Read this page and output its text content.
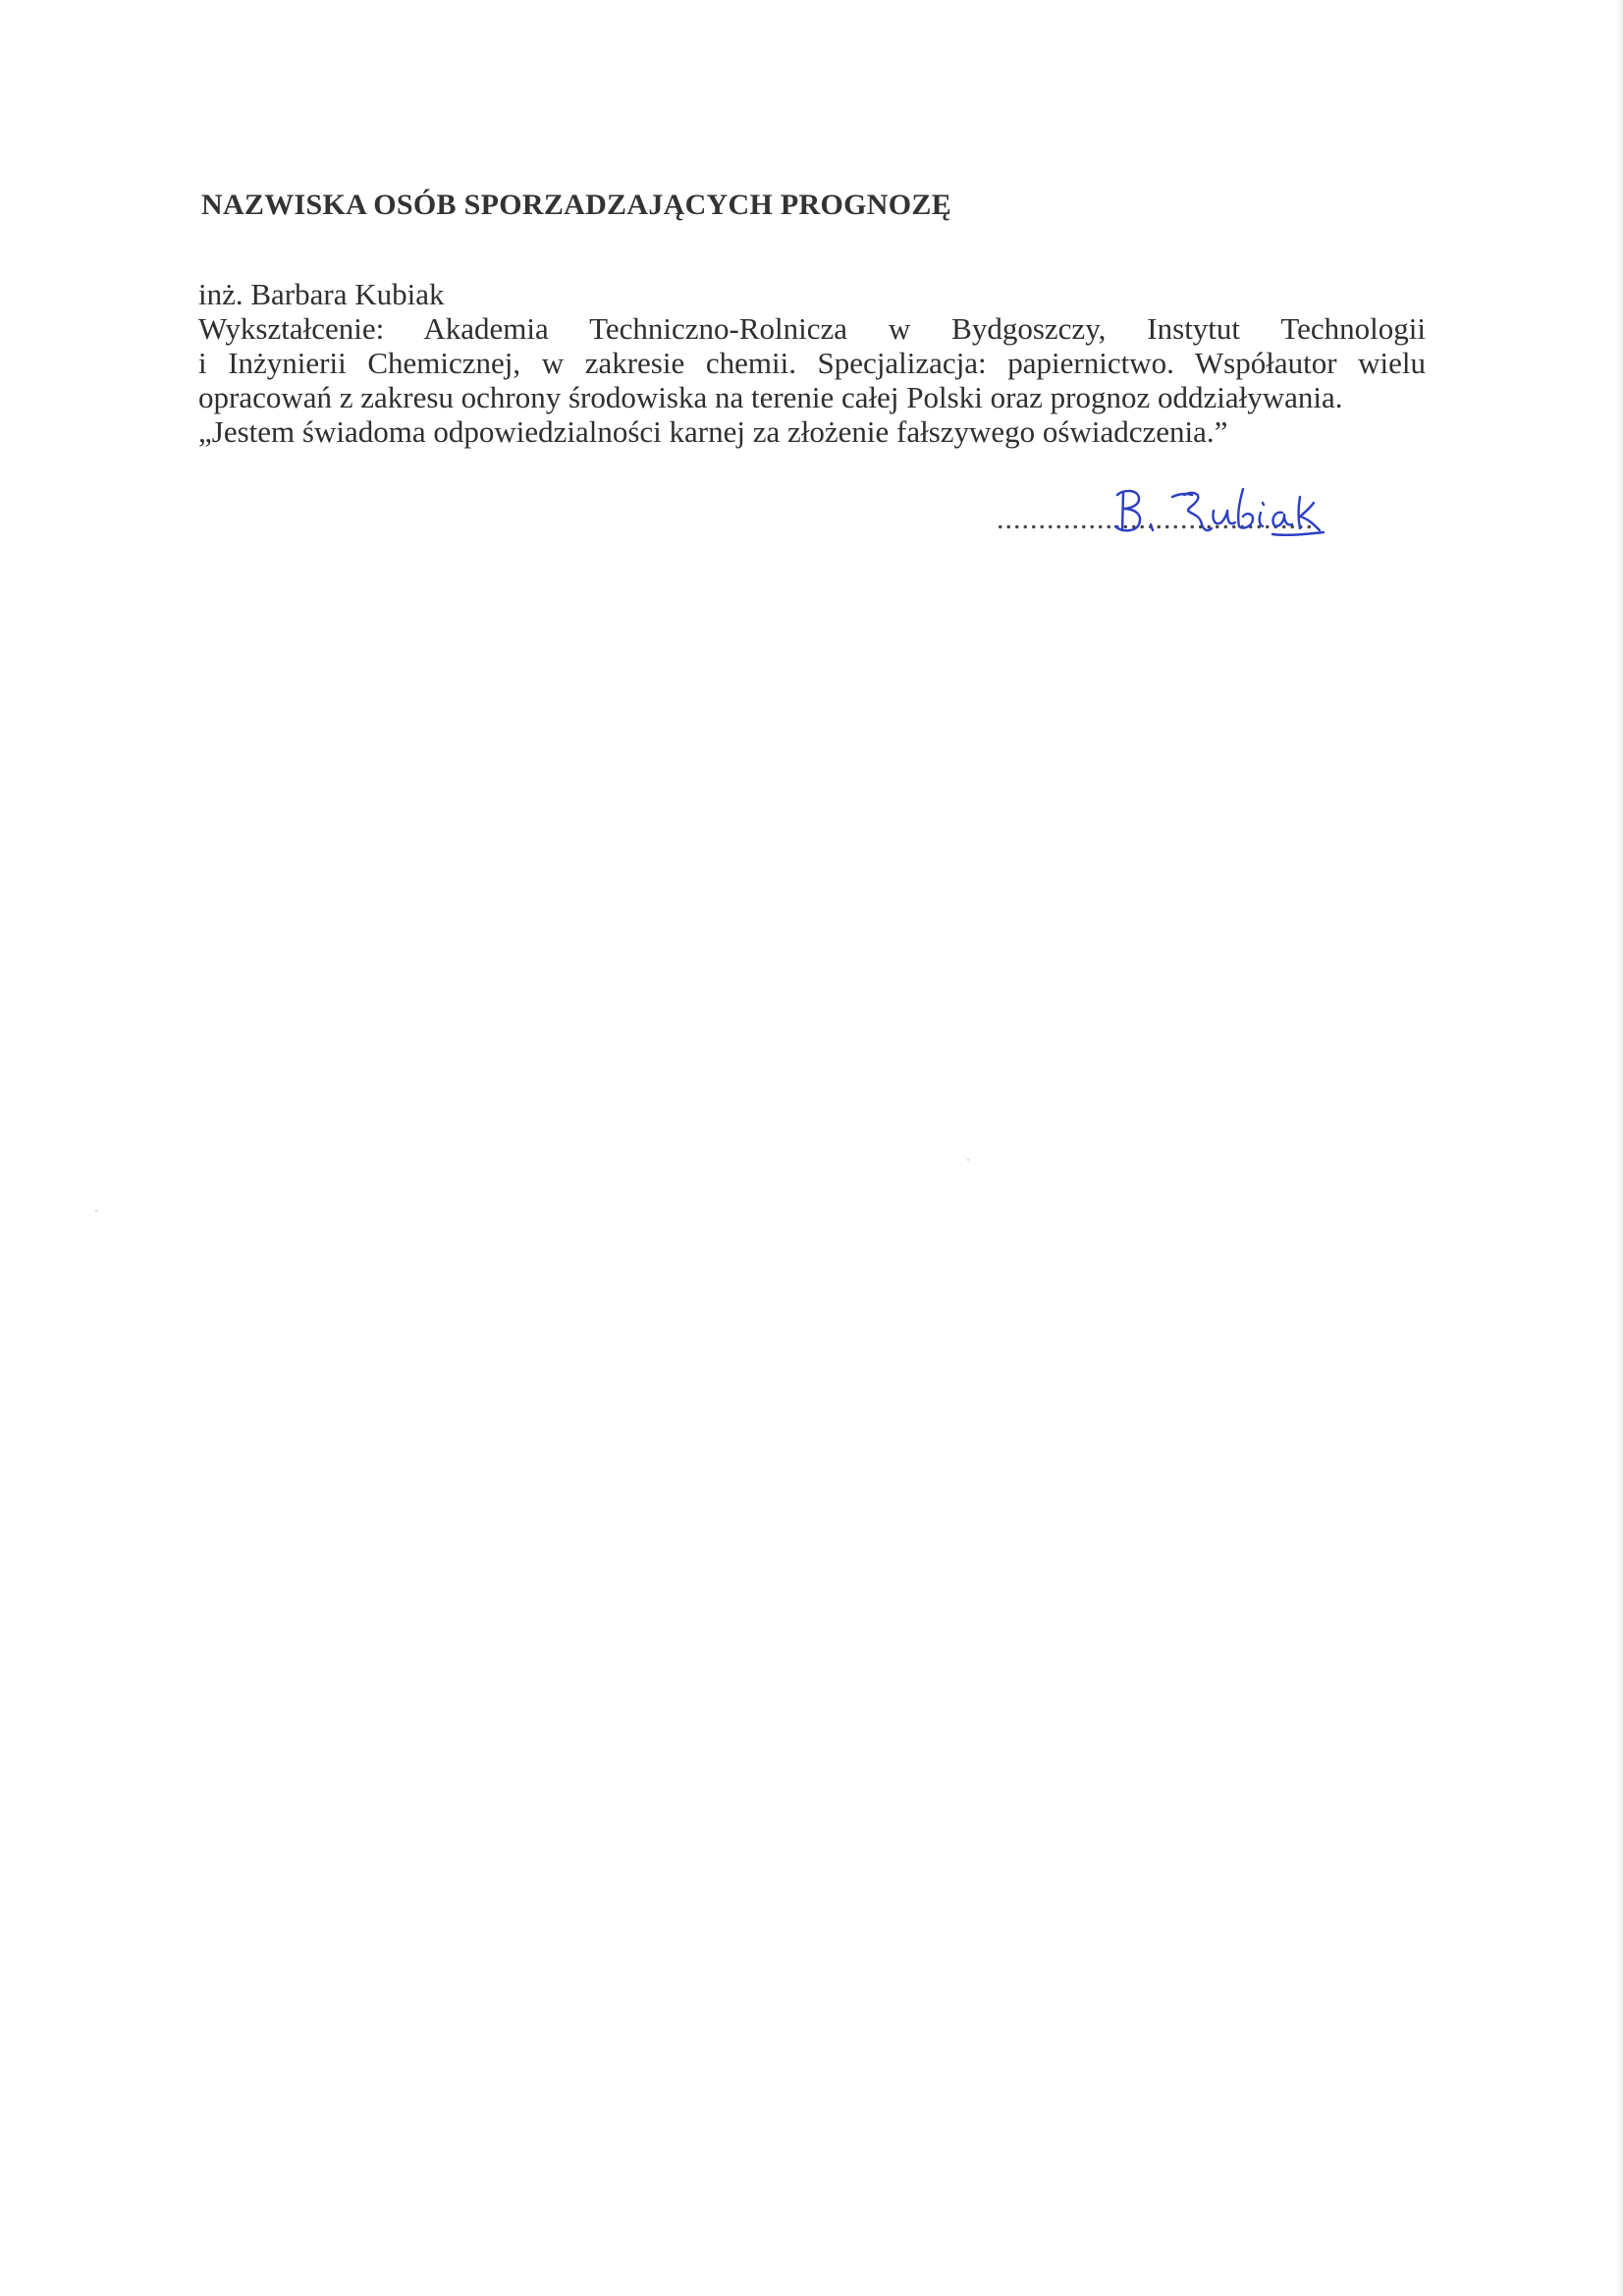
NAZWISKA OSÓB SPORZADZAJĄCYCH PROGNOZĘ
inż. Barbara Kubiak
Wykształcenie: Akademia Techniczno-Rolnicza w Bydgoszczy, Instytut Technologii
i Inżynierii Chemicznej, w zakresie chemii. Specjalizacja: papiernictwo. Współautor wielu
opracowań z zakresu ochrony środowiska na terenie całej Polski oraz prognoz oddziaływania.
„Jestem świadoma odpowiedzialności karnej za złożenie fałszywego oświadczenia.”
......................................
